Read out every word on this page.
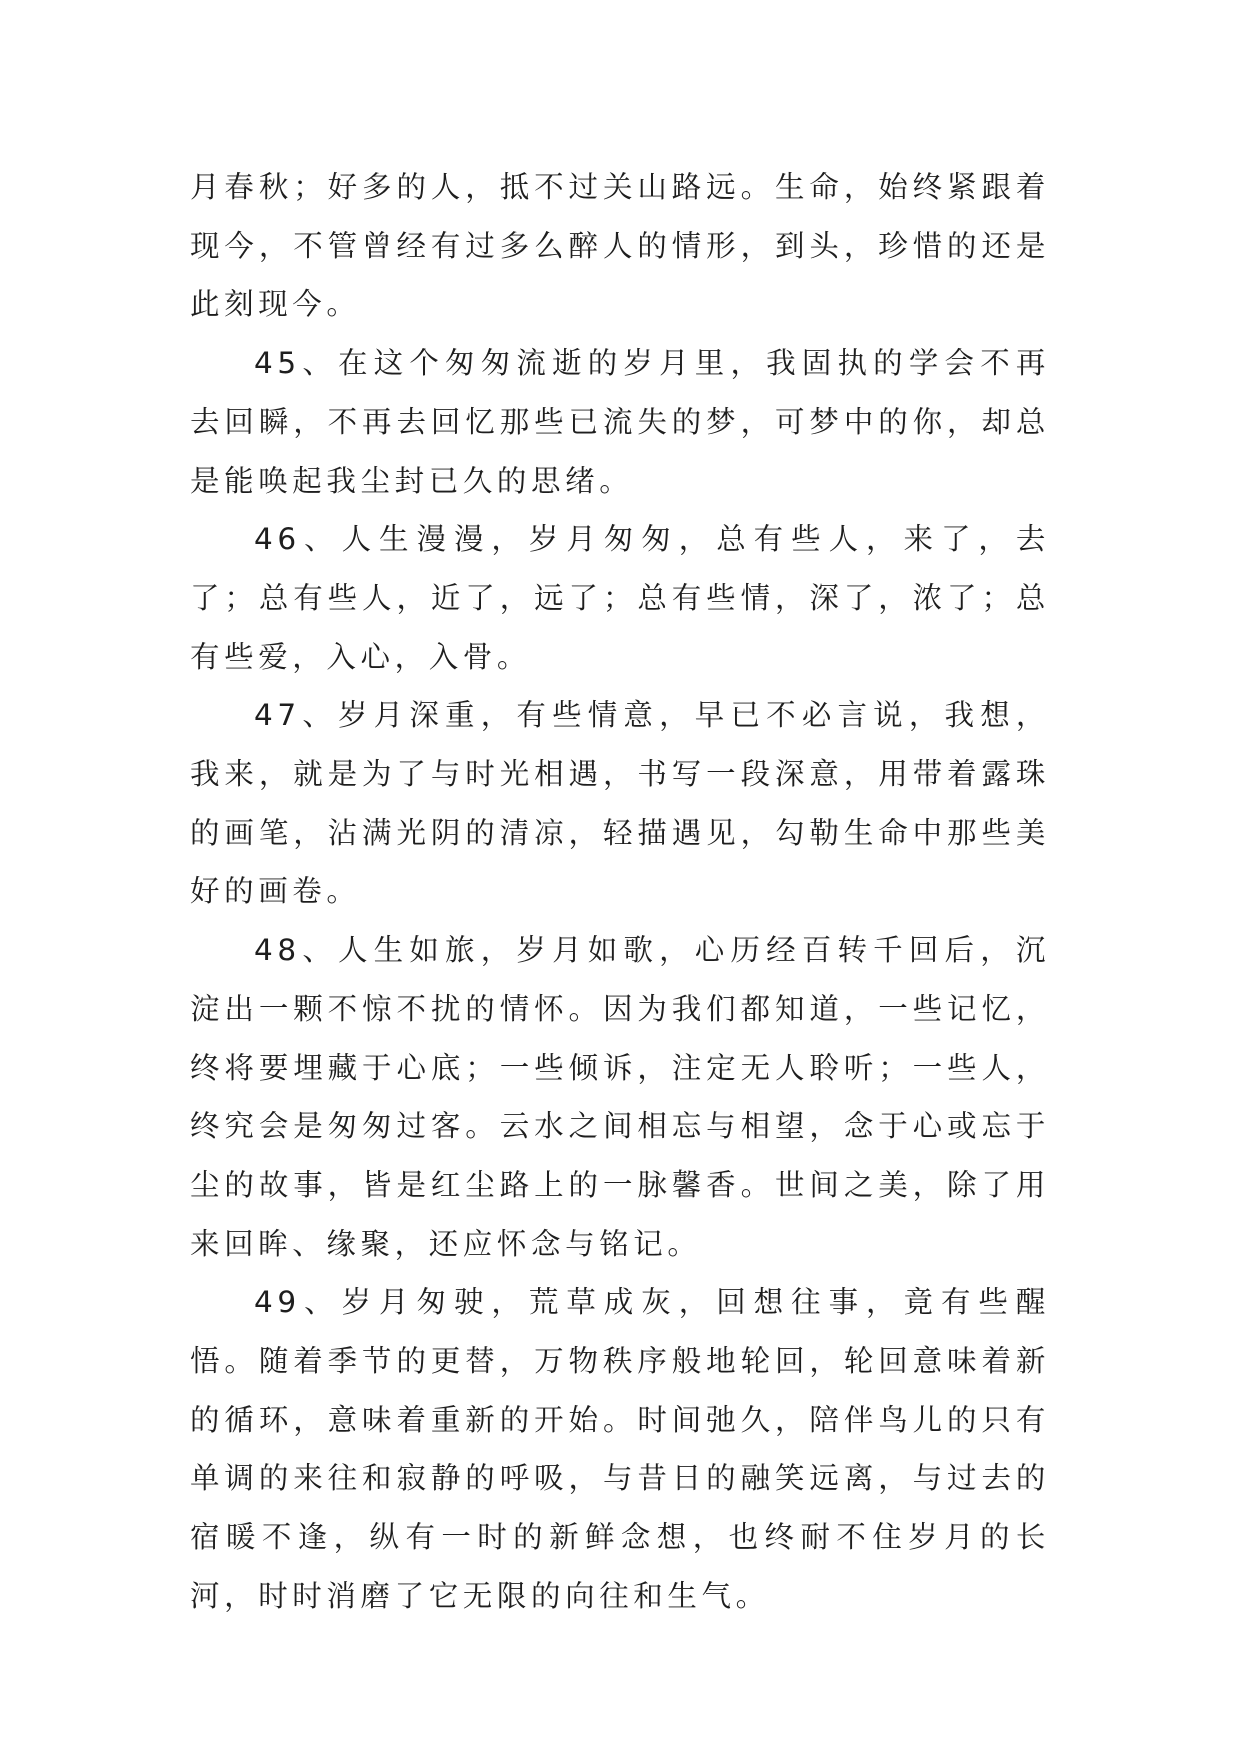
月春秋；好多的人，抵不过关山路远。生命，始终紧跟着现今，不管曾经有过多么醉人的情形，到头，珍惜的还是此刻现今。

45、在这个匆匆流逝的岁月里，我固执的学会不再去回瞬，不再去回忆那些已流失的梦，可梦中的你，却总是能唤起我尘封已久的思绪。

46、人生漫漫，岁月匆匆，总有些人，来了，去了；总有些人，近了，远了；总有些情，深了，浓了；总有些爱，入心，入骨。

47、岁月深重，有些情意，早已不必言说，我想，我来，就是为了与时光相遇，书写一段深意，用带着露珠的画笔，沾满光阴的清凉，轻描遇见，勾勒生命中那些美好的画卷。

48、人生如旅，岁月如歌，心历经百转千回后，沉淀出一颗不惊不扰的情怀。因为我们都知道，一些记忆，终将要埋藏于心底；一些倾诉，注定无人聆听；一些人，终究会是匆匆过客。云水之间相忘与相望，念于心或忘于尘的故事，皆是红尘路上的一脉馨香。世间之美，除了用来回眸、缘聚，还应怀念与铭记。

49、岁月匆驶，荒草成灰，回想往事，竟有些醒悟。随着季节的更替，万物秩序般地轮回，轮回意味着新的循环，意味着重新的开始。时间弛久，陪伴鸟儿的只有单调的来往和寂静的呼吸，与昔日的融笑远离，与过去的宿暖不逢，纵有一时的新鲜念想，也终耐不住岁月的长河，时时消磨了它无限的向往和生气。
